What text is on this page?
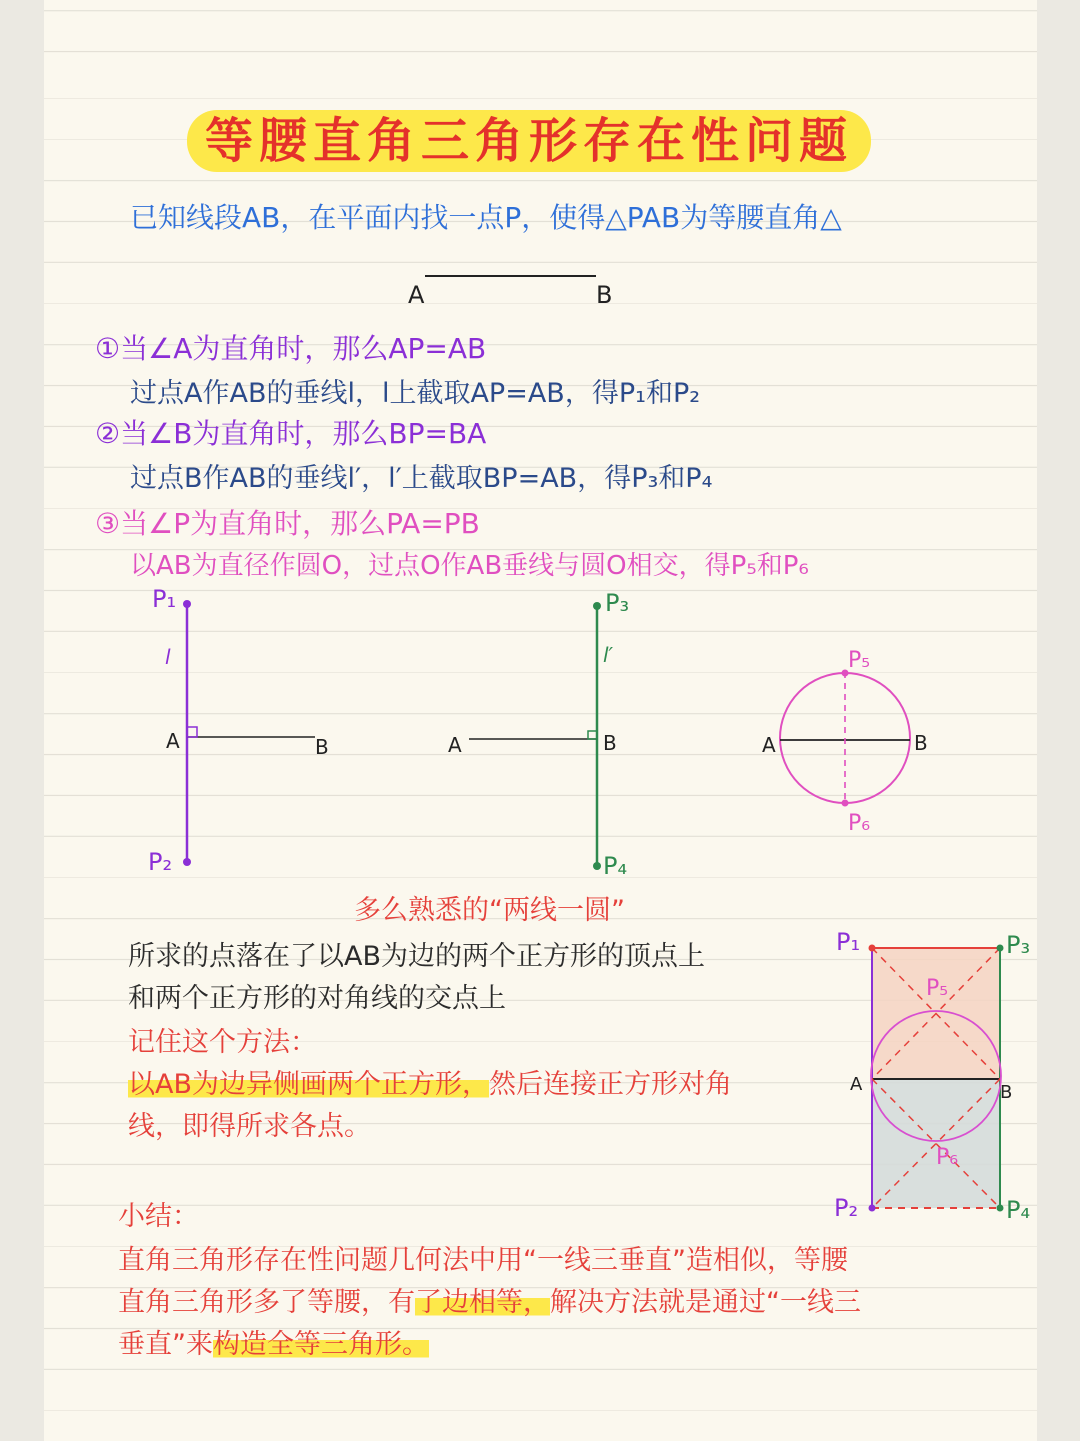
等腰直角三角形存在性问题
已知线段AB，在平面内找一点P，使得△PAB为等腰直角△
A	B
P₁
P₂
l
A	B
P₃
P₄
l′
A	B
P₅
P₆
A	B
P₁	P₃
P₂	P₄
P₅
P₆
A	B
①当∠A为直角时，那么AP=AB
过点A作AB的垂线l，l上截取AP=AB，得P₁和P₂
②当∠B为直角时，那么BP=BA
过点B作AB的垂线l′，l′上截取BP=AB，得P₃和P₄
③当∠P为直角时，那么PA=PB
以AB为直径作圆O，过点O作AB垂线与圆O相交，得P₅和P₆
多么熟悉的“两线一圆”
所求的点落在了以AB为边的两个正方形的顶点上
和两个正方形的对角线的交点上
记住这个方法：
以AB为边异侧画两个正方形，然后连接正方形对角
线，即得所求各点。
小结：
直角三角形存在性问题几何法中用“一线三垂直”造相似，等腰
直角三角形多了等腰，有了边相等，解决方法就是通过“一线三
垂直”来构造全等三角形。
